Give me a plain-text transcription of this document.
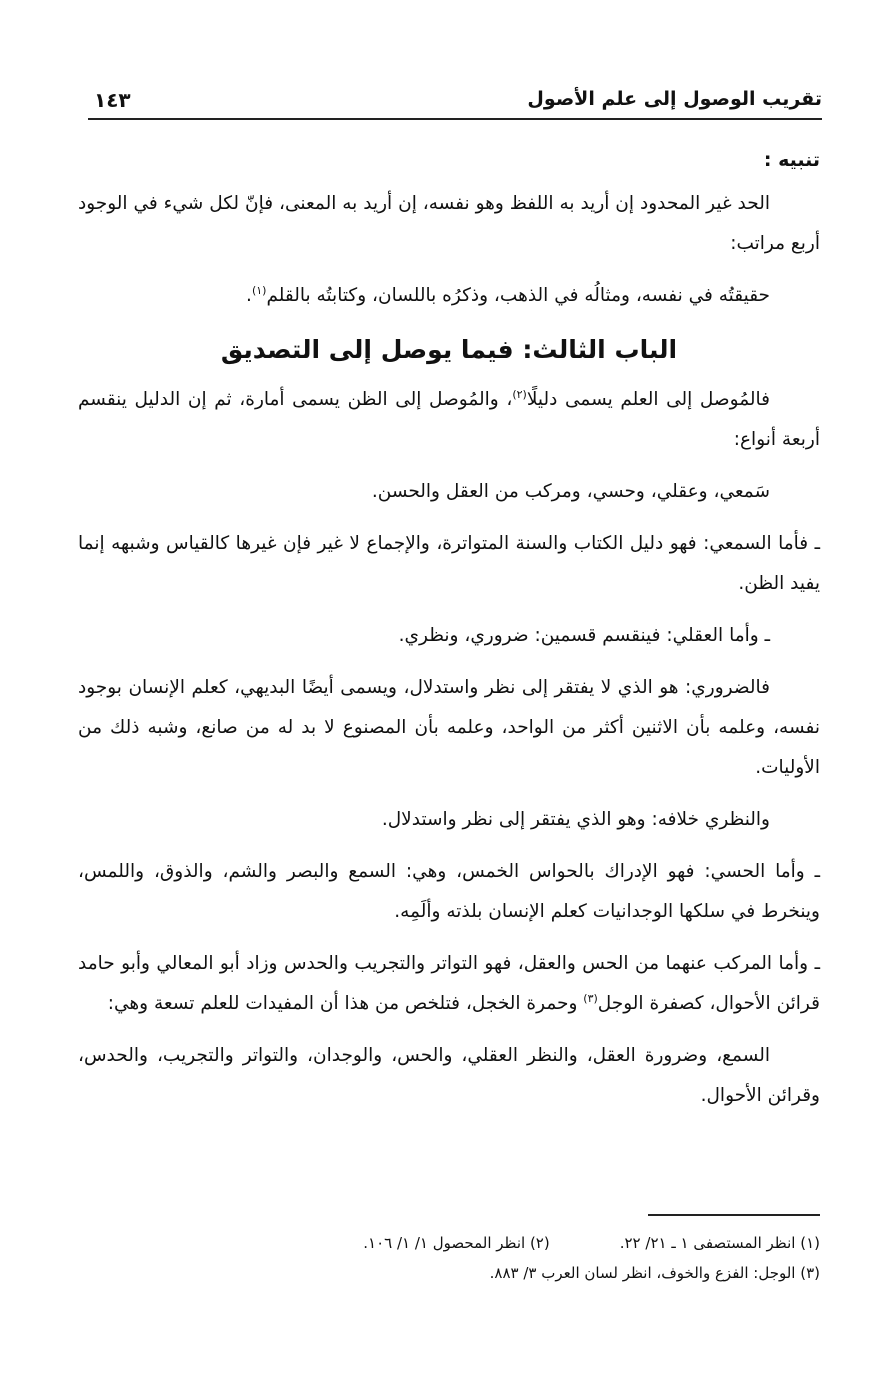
تقريب الوصول إلى علم الأصول
١٤٣

تنبيه :

الحد غير المحدود إن أريد به اللفظ وهو نفسه، إن أريد به المعنى، فإنّ لكل شيء في الوجود أربع مراتب:

حقيقتُه في نفسه، ومثالُه في الذهب، وذكرُه باللسان، وكتابتُه بالقلم$^{(١)}$.

الباب الثالث: فيما يوصل إلى التصديق

فالمُوصل إلى العلم يسمى دليلًا$^{(٢)}$، والمُوصل إلى الظن يسمى أمارة، ثم إن الدليل ينقسم أربعة أنواع:

سَمعي، وعقلي، وحسي، ومركب من العقل والحسن.

ـ فأما السمعي: فهو دليل الكتاب والسنة المتواترة، والإجماع لا غير فإن غيرها كالقياس وشبهه إنما يفيد الظن.

ـ وأما العقلي: فينقسم قسمين: ضروري، ونظري.

فالضروري: هو الذي لا يفتقر إلى نظر واستدلال، ويسمى أيضًا البديهي، كعلم الإنسان بوجود نفسه، وعلمه بأن الاثنين أكثر من الواحد، وعلمه بأن المصنوع لا بد له من صانع، وشبه ذلك من الأوليات.

والنظري خلافه: وهو الذي يفتقر إلى نظر واستدلال.

ـ وأما الحسي: فهو الإدراك بالحواس الخمس، وهي: السمع والبصر والشم، والذوق، واللمس، وينخرط في سلكها الوجدانيات كعلم الإنسان بلذته وألَمِه.

ـ وأما المركب عنهما من الحس والعقل، فهو التواتر والتجريب والحدس وزاد أبو المعالي وأبو حامد قرائن الأحوال، كصفرة الوجل$^{(٣)}$ وحمرة الخجل، فتلخص من هذا أن المفيدات للعلم تسعة وهي:

السمع، وضرورة العقل، والنظر العقلي، والحس، والوجدان، والتواتر والتجريب، والحدس، وقرائن الأحوال.

(١) انظر المستصفى ١ ـ ٢١/ ٢٢.
(٢) انظر المحصول ١/ ١/ ١٠٦.
(٣) الوجل: الفزع والخوف، انظر لسان العرب ٣/ ٨٨٣.
